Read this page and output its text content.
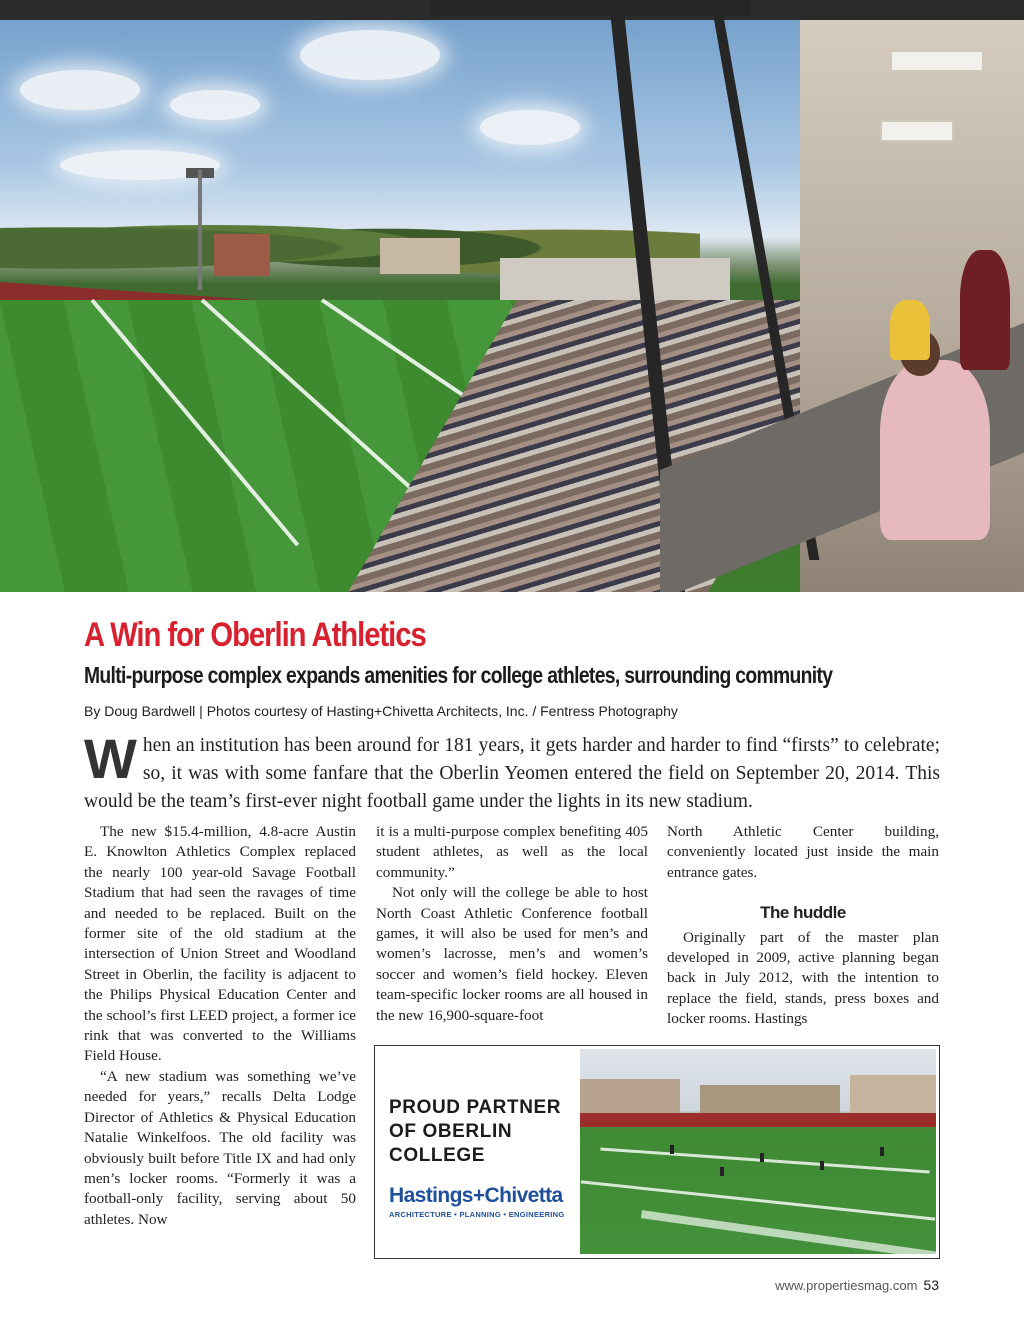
A Win for Oberlin Athletics
Multi-purpose complex expands amenities for college athletes, surrounding community
By Doug Bardwell | Photos courtesy of Hasting+Chivetta Architects, Inc. / Fentress Photography

When an institution has been around for 181 years, it gets harder and harder to find “firsts” to celebrate; so, it was with some fanfare that the Oberlin Yeomen entered the field on September 20, 2014. This would be the team’s first-ever night football game under the lights in its new stadium.

The new $15.4-million, 4.8-acre Austin E. Knowlton Athletics Complex replaced the nearly 100 year-old Savage Football Stadium that had seen the ravages of time and needed to be replaced. Built on the former site of the old stadium at the intersection of Union Street and Woodland Street in Oberlin, the facility is adjacent to the Philips Physical Education Center and the school’s first LEED project, a former ice rink that was converted to the Williams Field House.

“A new stadium was something we’ve needed for years,” recalls Delta Lodge Director of Athletics & Physical Education Natalie Winkelfoos. The old facility was obviously built before Title IX and had only men’s locker rooms. “Formerly it was a football-only facility, serving about 50 athletes. Now

it is a multi-purpose complex benefiting 405 student athletes, as well as the local community.”

Not only will the college be able to host North Coast Athletic Conference football games, it will also be used for men’s and women’s lacrosse, men’s and women’s soccer and women’s field hockey. Eleven team-specific locker rooms are all housed in the new 16,900-square-foot

North Athletic Center building, conveniently located just inside the main entrance gates.

The huddle

Originally part of the master plan developed in 2009, active planning began back in July 2012, with the intention to replace the field, stands, press boxes and locker rooms. Hastings

PROUD PARTNER OF OBERLIN COLLEGE

Hastings+Chivetta
ARCHITECTURE • PLANNING • ENGINEERING
www.propertiesmag.com 53
